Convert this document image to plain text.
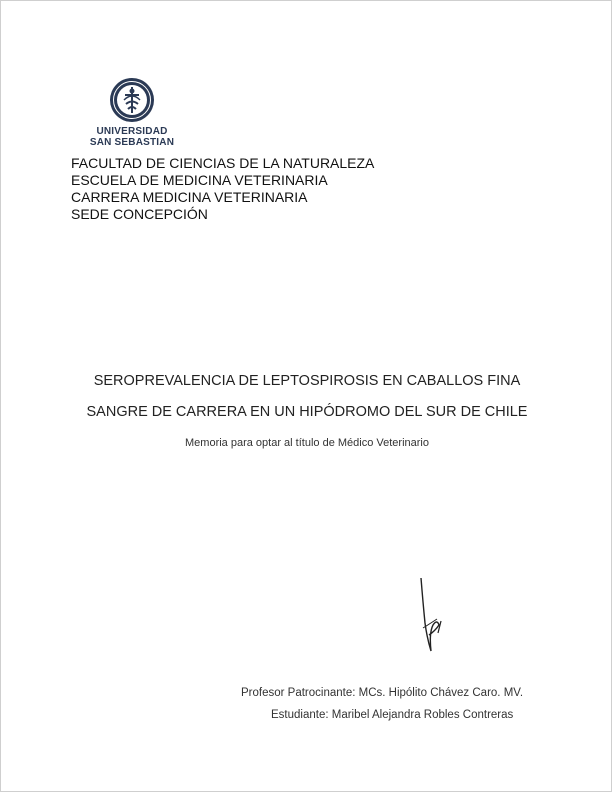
UNIVERSIDAD
SAN SEBASTIAN
FACULTAD DE CIENCIAS DE LA NATURALEZA
ESCUELA DE MEDICINA VETERINARIA
CARRERA MEDICINA VETERINARIA
SEDE CONCEPCIÓN
SEROPREVALENCIA DE LEPTOSPIROSIS EN CABALLOS FINA
SANGRE DE CARRERA EN UN HIPÓDROMO DEL SUR DE CHILE
Memoria para optar al título de Médico Veterinario
Profesor Patrocinante: MCs. Hipólito Chávez Caro. MV.
Estudiante: Maribel Alejandra Robles Contreras
